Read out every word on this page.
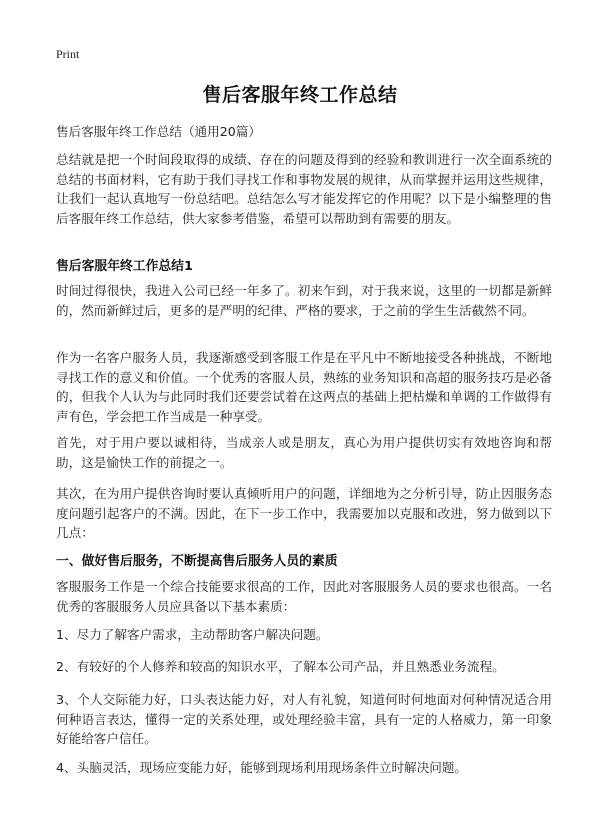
Print
售后客服年终工作总结
售后客服年终工作总结（通用20篇）

总结就是把一个时间段取得的成绩、存在的问题及得到的经验和教训进行一次全面系统的总结的书面材料，它有助于我们寻找工作和事物发展的规律，从而掌握并运用这些规律，让我们一起认真地写一份总结吧。总结怎么写才能发挥它的作用呢？以下是小编整理的售后客服年终工作总结，供大家参考借鉴，希望可以帮助到有需要的朋友。

售后客服年终工作总结1

时间过得很快，我进入公司已经一年多了。初来乍到，对于我来说，这里的一切都是新鲜的，然而新鲜过后，更多的是严明的纪律、严格的要求，于之前的学生生活截然不同。

作为一名客户服务人员，我逐渐感受到客服工作是在平凡中不断地接受各种挑战，不断地寻找工作的意义和价值。一个优秀的客服人员，熟练的业务知识和高超的服务技巧是必备的，但我个人认为与此同时我们还要尝试着在这两点的基础上把枯燥和单调的工作做得有声有色，学会把工作当成是一种享受。

首先，对于用户要以诚相待，当成亲人或是朋友，真心为用户提供切实有效地咨询和帮助，这是愉快工作的前提之一。

其次，在为用户提供咨询时要认真倾听用户的问题，详细地为之分析引导，防止因服务态度问题引起客户的不满。因此，在下一步工作中，我需要加以克服和改进，努力做到以下几点：

一、做好售后服务，不断提高售后服务人员的素质

客服服务工作是一个综合技能要求很高的工作，因此对客服服务人员的要求也很高。一名优秀的客服服务人员应具备以下基本素质：

1、尽力了解客户需求，主动帮助客户解决问题。

2、有较好的个人修养和较高的知识水平，了解本公司产品，并且熟悉业务流程。

3、个人交际能力好，口头表达能力好，对人有礼貌，知道何时何地面对何种情况适合用何种语言表达，懂得一定的关系处理，或处理经验丰富，具有一定的人格威力，第一印象好能给客户信任。

4、头脑灵活，现场应变能力好，能够到现场利用现场条件立时解决问题。
